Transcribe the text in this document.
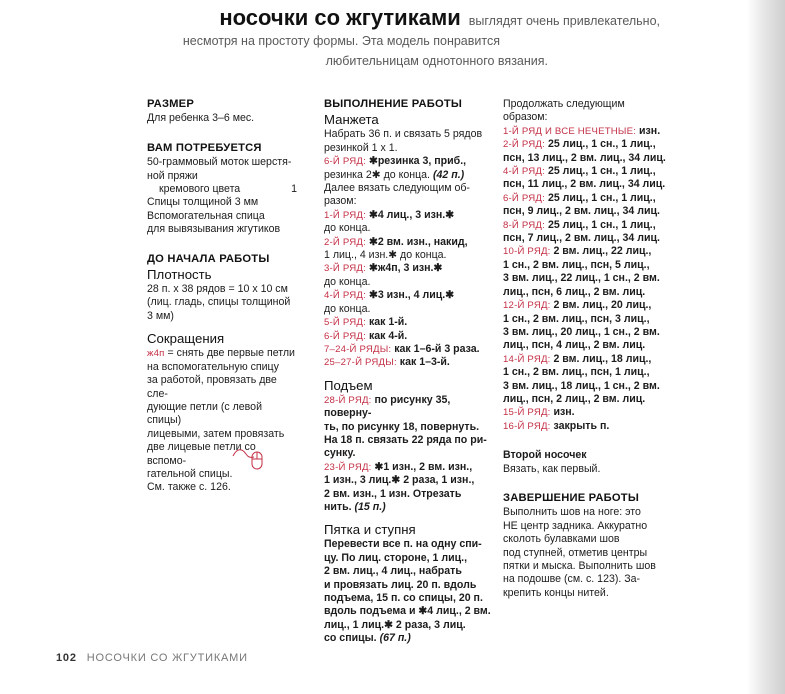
носочки со жгутиками выглядят очень привлекательно,
несмотря на простоту формы. Эта модель понравится
любительницам однотонного вязания.

РАЗМЕР

Для ребенка 3–6 мес.

ВАМ ПОТРЕБУЕТСЯ

50-граммовый моток шерстя-

ной пряжи

кремового цвета	1

Спицы толщиной 3 мм

Вспомогательная спица

для вывязывания жгутиков

ДО НАЧАЛА РАБОТЫ

Плотность

28 п. х 38 рядов = 10 х 10 см

(лиц. гладь, спицы толщиной

3 мм)

Сокращения

ж4п = снять две первые петли

на вспомогательную спицу

за работой, провязать две сле-

дующие петли (с левой спицы)

лицевыми, затем провязать

две лицевые петли со вспомо-

гательной спицы.

См. также с. 126.

ВЫПОЛНЕНИЕ РАБОТЫ

Манжета

Набрать 36 п. и связать 5 рядов

резинкой 1 х 1.

6-Й РЯД: ✱резинка 3, приб.,

резинка 2✱ до конца. (42 п.)

Далее вязать следующим об-

разом:

1-Й РЯД: ✱4 лиц., 3 изн.✱

до конца.

2-Й РЯД: ✱2 вм. изн., накид,

1 лиц., 4 изн.✱ до конца.

3-Й РЯД: ✱ж4п, 3 изн.✱

до конца.

4-Й РЯД: ✱3 изн., 4 лиц.✱

до конца.

5-Й РЯД: как 1-й.

6-Й РЯД: как 4-й.

7–24-Й РЯДЫ: как 1–6-й 3 раза.

25–27-Й РЯДЫ: как 1–3-й.

Подъем

28-Й РЯД: по рисунку 35, поверну-

ть, по рисунку 18, повернуть.

На 18 п. связать 22 ряда по ри-

сунку.

23-Й РЯД: ✱1 изн., 2 вм. изн.,

1 изн., 3 лиц.✱ 2 раза, 1 изн.,

2 вм. изн., 1 изн. Отрезать

нить. (15 п.)

Пятка и ступня

Перевести все п. на одну спи-

цу. По лиц. стороне, 1 лиц.,

2 вм. лиц., 4 лиц., набрать

и провязать лиц. 20 п. вдоль

подъема, 15 п. со спицы, 20 п.

вдоль подъема и ✱4 лиц., 2 вм.

лиц., 1 лиц.✱ 2 раза, 3 лиц.

со спицы. (67 п.)

Продолжать следующим

образом:

1-Й РЯД И ВСЕ НЕЧЕТНЫЕ: изн.

2-Й РЯД: 25 лиц., 1 сн., 1 лиц.,

псн, 13 лиц., 2 вм. лиц., 34 лиц.

4-Й РЯД: 25 лиц., 1 сн., 1 лиц.,

псн, 11 лиц., 2 вм. лиц., 34 лиц.

6-Й РЯД: 25 лиц., 1 сн., 1 лиц.,

псн, 9 лиц., 2 вм. лиц., 34 лиц.

8-Й РЯД: 25 лиц., 1 сн., 1 лиц.,

псн, 7 лиц., 2 вм. лиц., 34 лиц.

10-Й РЯД: 2 вм. лиц., 22 лиц.,

1 сн., 2 вм. лиц., псн, 5 лиц.,

3 вм. лиц., 22 лиц., 1 сн., 2 вм.

лиц., псн, 6 лиц., 2 вм. лиц.

12-Й РЯД: 2 вм. лиц., 20 лиц.,

1 сн., 2 вм. лиц., псн, 3 лиц.,

3 вм. лиц., 20 лиц., 1 сн., 2 вм.

лиц., псн, 4 лиц., 2 вм. лиц.

14-Й РЯД: 2 вм. лиц., 18 лиц.,

1 сн., 2 вм. лиц., псн, 1 лиц.,

3 вм. лиц., 18 лиц., 1 сн., 2 вм.

лиц., псн, 2 лиц., 2 вм. лиц.

15-Й РЯД: изн.

16-Й РЯД: закрыть п.

Второй носочек

Вязать, как первый.

ЗАВЕРШЕНИЕ РАБОТЫ

Выполнить шов на ноге: это

НЕ центр задника. Аккуратно

сколоть булавками шов

под ступней, отметив центры

пятки и мыска. Выполнить шов

на подошве (см. с. 123). За-

крепить концы нитей.

102 НОСОЧКИ СО ЖГУТИКАМИ
